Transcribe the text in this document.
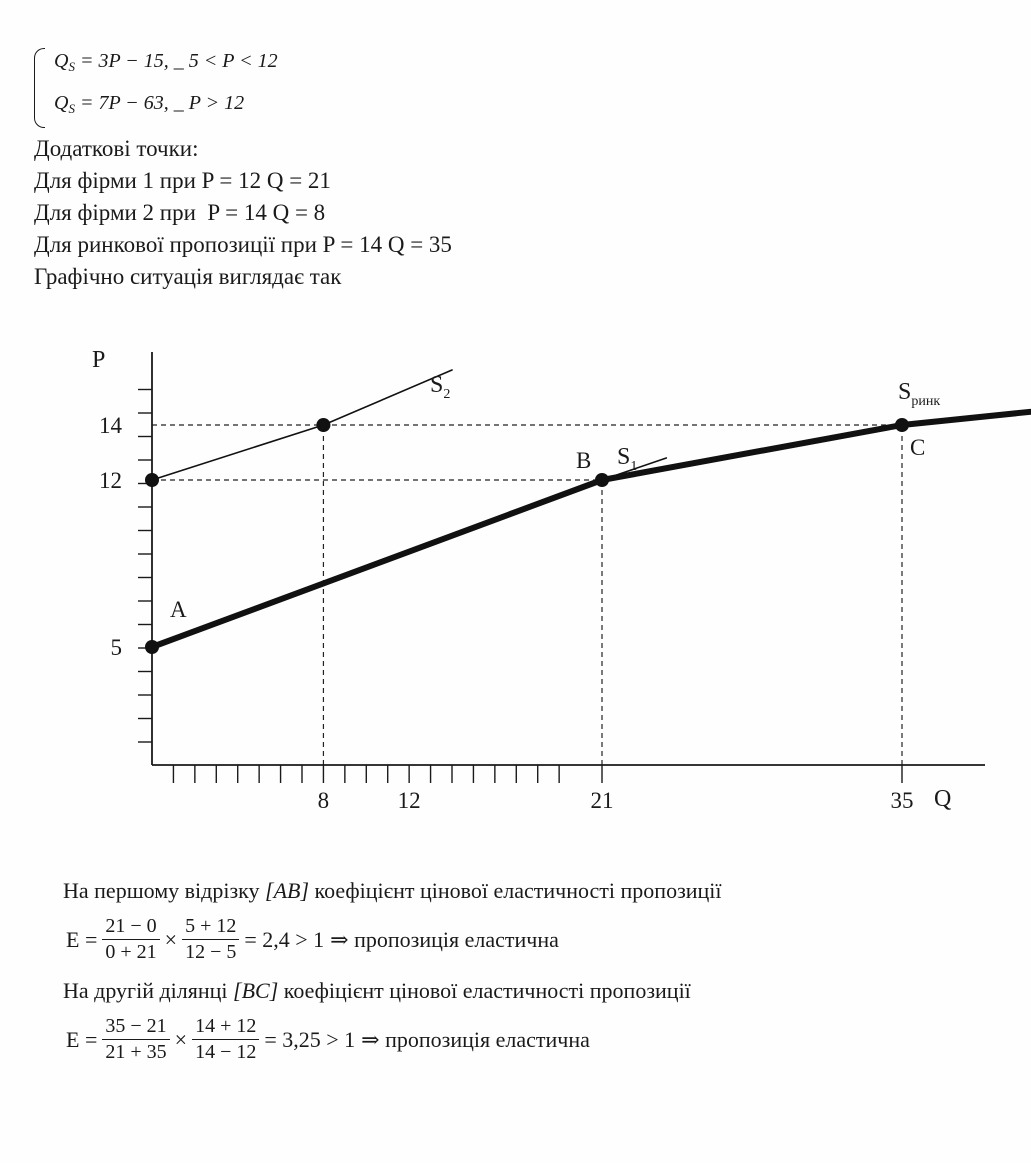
$Q_S = 3P - 15$, _ 5 < P < 12
$Q_S = 7P - 63$, _ P > 12
Додаткові точки:
Для фірми 1 при P = 12 Q = 21
Для фірми 2 при  P = 14 Q = 8
Для ринкової пропозиції при P = 14 Q = 35
Графічно ситуація виглядає так
P
Q
5
12
14
8	12	21	35
A
B
C
$S_1$
$S_2$	$S_{ринк}$
На першому відрізку [AB] коефіцієнт цінової еластичності пропозиції
$E = \frac{21 - 0}{0 + 21} \times \frac{5 + 12}{12 - 5} = 2,4 > 1$ ⇒ пропозиція еластична
На другій ділянці [BC] коефіцієнт цінової еластичності пропозиції
$E = \frac{35 - 21}{21 + 35} \times \frac{14 + 12}{14 - 12} = 3,25 > 1$ ⇒ пропозиція еластична
